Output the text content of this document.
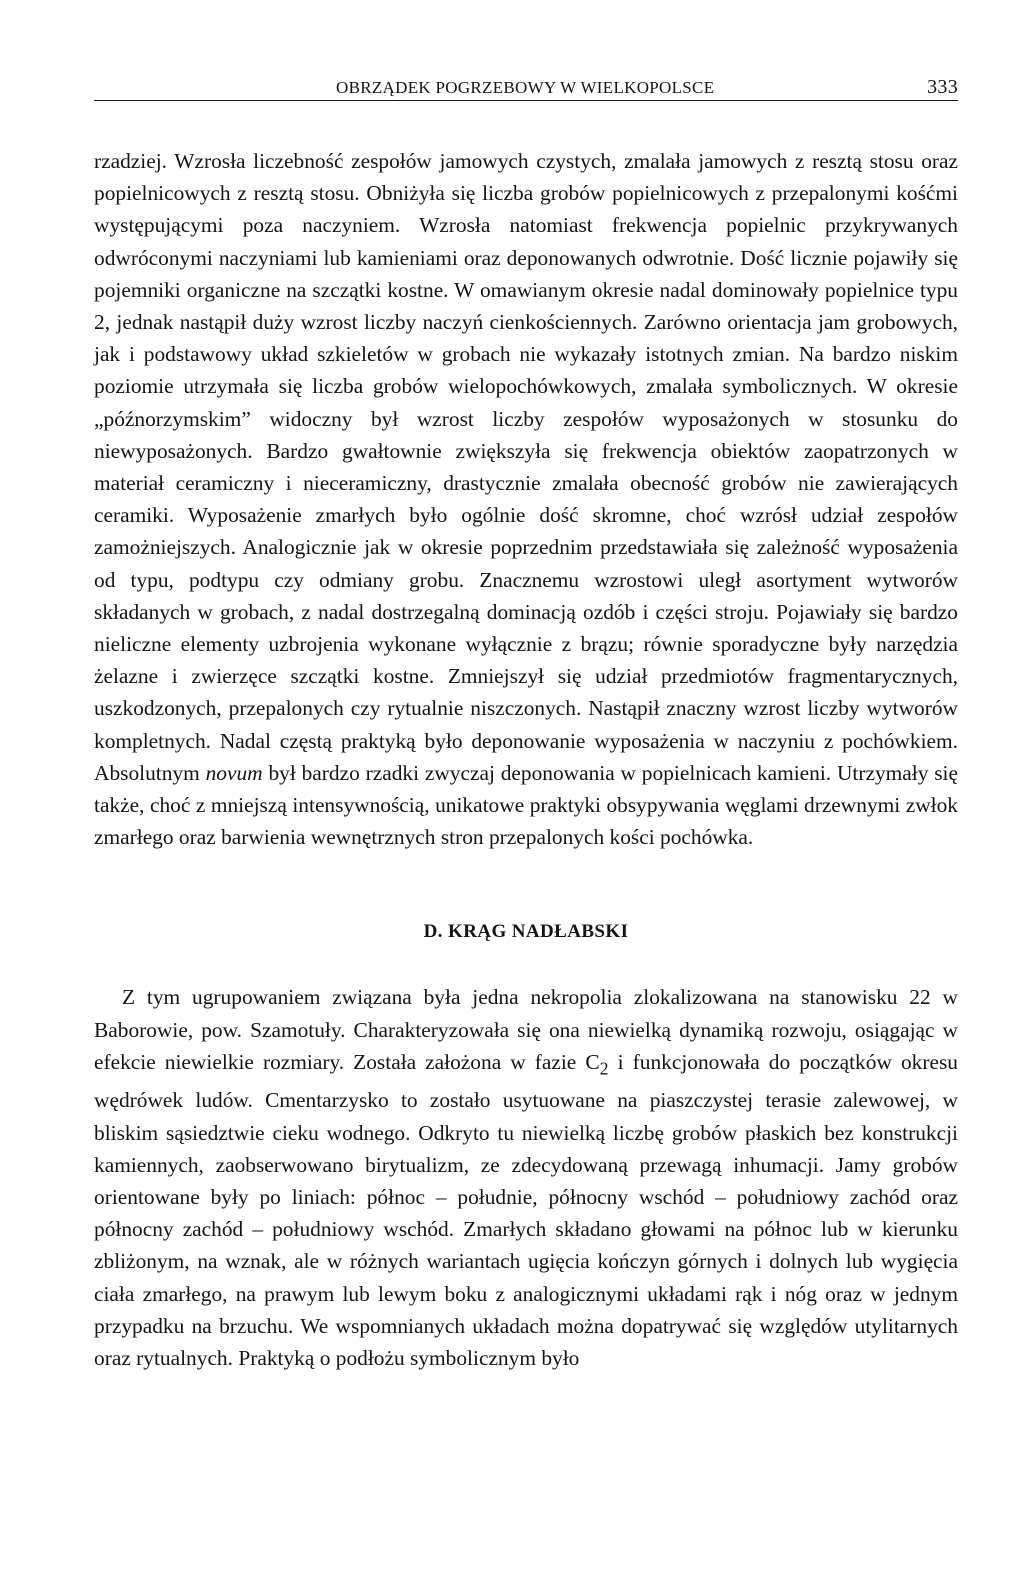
OBRZĄDEK POGRZEBOWY W WIELKOPOLSCE	333

rzadziej. Wzrosła liczebność zespołów jamowych czystych, zmalała jamowych z resztą stosu oraz popielnicowych z resztą stosu. Obniżyła się liczba grobów popielnicowych z przepalonymi kośćmi występującymi poza naczyniem. Wzrosła natomiast frekwencja popielnic przykrywanych odwróconymi naczyniami lub kamieniami oraz deponowanych odwrotnie. Dość licznie pojawiły się pojemniki organiczne na szczątki kostne. W omawianym okresie nadal dominowały popielnice typu 2, jednak nastąpił duży wzrost liczby naczyń cienkościennych. Zarówno orientacja jam grobowych, jak i podstawowy układ szkieletów w grobach nie wykazały istotnych zmian. Na bardzo niskim poziomie utrzymała się liczba grobów wielopochówkowych, zmalała symbolicznych. W okresie „późnorzymskim” widoczny był wzrost liczby zespołów wyposażonych w stosunku do niewyposażonych. Bardzo gwałtownie zwiększyła się frekwencja obiektów zaopatrzonych w materiał ceramiczny i nieceramiczny, drastycznie zmalała obecność grobów nie zawierających ceramiki. Wyposażenie zmarłych było ogólnie dość skromne, choć wzrósł udział zespołów zamożniejszych. Analogicznie jak w okresie poprzednim przedstawiała się zależność wyposażenia od typu, podtypu czy odmiany grobu. Znacznemu wzrostowi uległ asortyment wytworów składanych w grobach, z nadal dostrzegalną dominacją ozdób i części stroju. Pojawiały się bardzo nieliczne elementy uzbrojenia wykonane wyłącznie z brązu; równie sporadyczne były narzędzia żelazne i zwierzęce szczątki kostne. Zmniejszył się udział przedmiotów fragmentarycznych, uszkodzonych, przepalonych czy rytualnie niszczonych. Nastąpił znaczny wzrost liczby wytworów kompletnych. Nadal częstą praktyką było deponowanie wyposażenia w naczyniu z pochówkiem. Absolutnym novum był bardzo rzadki zwyczaj deponowania w popielnicach kamieni. Utrzymały się także, choć z mniejszą intensywnością, unikatowe praktyki obsypywania węglami drzewnymi zwłok zmarłego oraz barwienia wewnętrznych stron przepalonych kości pochówka.

D. KRĄG NADŁABSKI

Z tym ugrupowaniem związana była jedna nekropolia zlokalizowana na stanowisku 22 w Baborowie, pow. Szamotuły. Charakteryzowała się ona niewielką dynamiką rozwoju, osiągając w efekcie niewielkie rozmiary. Została założona w fazie $C_2$ i funkcjonowała do początków okresu wędrówek ludów. Cmentarzysko to zostało usytuowane na piaszczystej terasie zalewowej, w bliskim sąsiedztwie cieku wodnego. Odkryto tu niewielką liczbę grobów płaskich bez konstrukcji kamiennych, zaobserwowano birytualizm, ze zdecydowaną przewagą inhumacji. Jamy grobów orientowane były po liniach: północ – południe, północny wschód – południowy zachód oraz północny zachód – południowy wschód. Zmarłych składano głowami na północ lub w kierunku zbliżonym, na wznak, ale w różnych wariantach ugięcia kończyn górnych i dolnych lub wygięcia ciała zmarłego, na prawym lub lewym boku z analogicznymi układami rąk i nóg oraz w jednym przypadku na brzuchu. We wspomnianych układach można dopatrywać się względów utylitarnych oraz rytualnych. Praktyką o podłożu symbolicznym było
